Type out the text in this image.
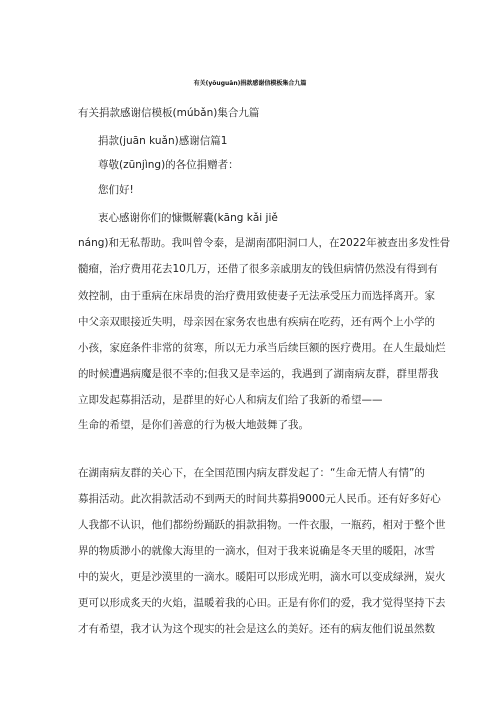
有关(yǒuguān)捐款感谢信模板集合九篇
有关捐款感谢信模板(múbǎn)集合九篇
捐款(juān kuǎn)感谢信篇1
尊敬(zūnjìng)的各位捐赠者：
您们好!
衷心感谢你们的慷慨解囊(kāng kǎi jiě
náng)和无私帮助。我叫曾令泰，是湖南邵阳洞口人，在2022年被查出多发性骨
髓瘤，治疗费用花去10几万，还借了很多亲戚朋友的钱但病情仍然没有得到有
效控制，由于重病在床昂贵的治疗费用致使妻子无法承受压力而选择离开。家
中父亲双眼接近失明，母亲因在家务农也患有疾病在吃药，还有两个上小学的
小孩，家庭条件非常的贫寒，所以无力承当后续巨额的医疗费用。在人生最灿烂
的时候遭遇病魔是很不幸的;但我又是幸运的，我遇到了湖南病友群，群里帮我
立即发起募捐活动，是群里的好心人和病友们给了我新的希望——
生命的希望，是你们善意的行为极大地鼓舞了我。
在湖南病友群的关心下，在全国范围内病友群发起了：“生命无情人有情”的
募捐活动。此次捐款活动不到两天的时间共募捐9000元人民币。还有好多好心
人我都不认识，他们都纷纷踊跃的捐款捐物。一件衣服，一瓶药，相对于整个世
界的物质渺小的就像大海里的一滴水，但对于我来说确是冬天里的暖阳，冰雪
中的炭火，更是沙漠里的一滴水。暖阳可以形成光明，滴水可以变成绿洲，炭火
更可以形成炙天的火焰，温暖着我的心田。正是有你们的爱，我才觉得坚持下去
才有希望，我才认为这个现实的社会是这么的美好。还有的病友他们说虽然数
